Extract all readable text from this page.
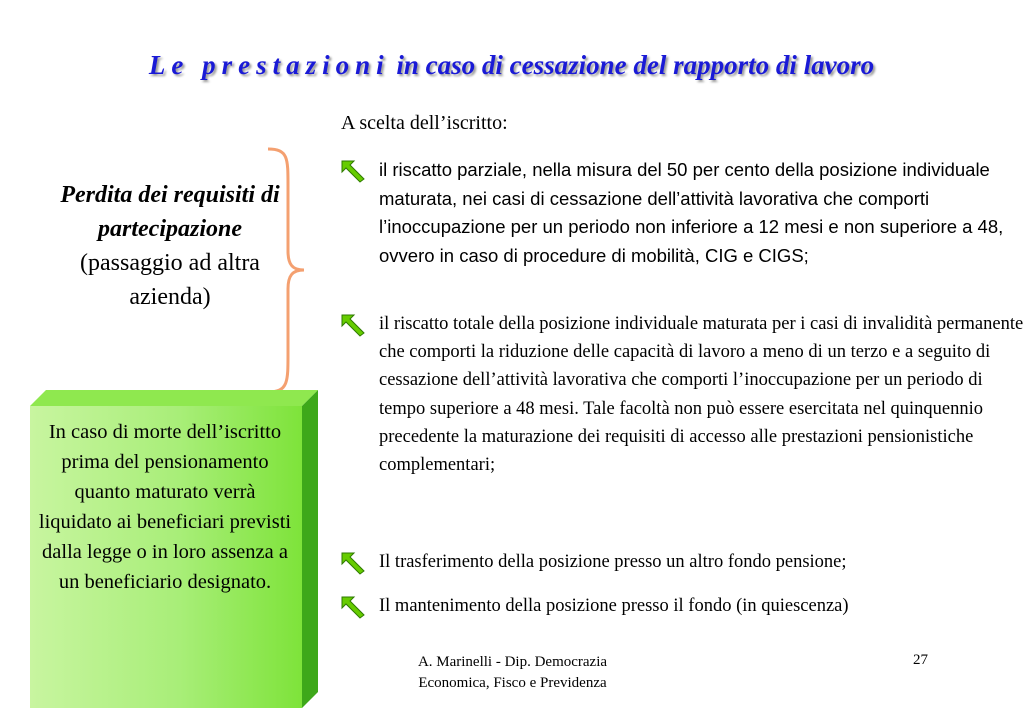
Le prestazioni in caso di cessazione del rapporto di lavoro
A scelta dell’iscritto:
il riscatto parziale, nella misura del 50 per cento della posizione individuale maturata, nei casi di cessazione dell’attività lavorativa che comporti l’inoccupazione per un periodo non inferiore a 12 mesi e non superiore a 48, ovvero in caso di procedure di mobilità, CIG e CIGS;
il riscatto totale della posizione individuale maturata per i casi di invalidità permanente che comporti la riduzione delle capacità di lavoro a meno di un terzo e a seguito di cessazione dell’attività lavorativa che comporti l’inoccupazione per un periodo di tempo superiore a 48 mesi. Tale facoltà non può essere esercitata nel quinquennio precedente la maturazione dei requisiti di accesso alle prestazioni pensionistiche complementari;
Il trasferimento della posizione presso un altro fondo pensione;
Il mantenimento della posizione presso il fondo (in quiescenza)
Perdita dei requisiti di partecipazione
(passaggio ad altra azienda)
In caso di morte dell’iscritto prima del pensionamento quanto maturato verrà liquidato ai beneficiari previsti dalla legge o in loro assenza a un beneficiario designato.
A. Marinelli - Dip. Democrazia
Economica, Fisco e Previdenza
27
